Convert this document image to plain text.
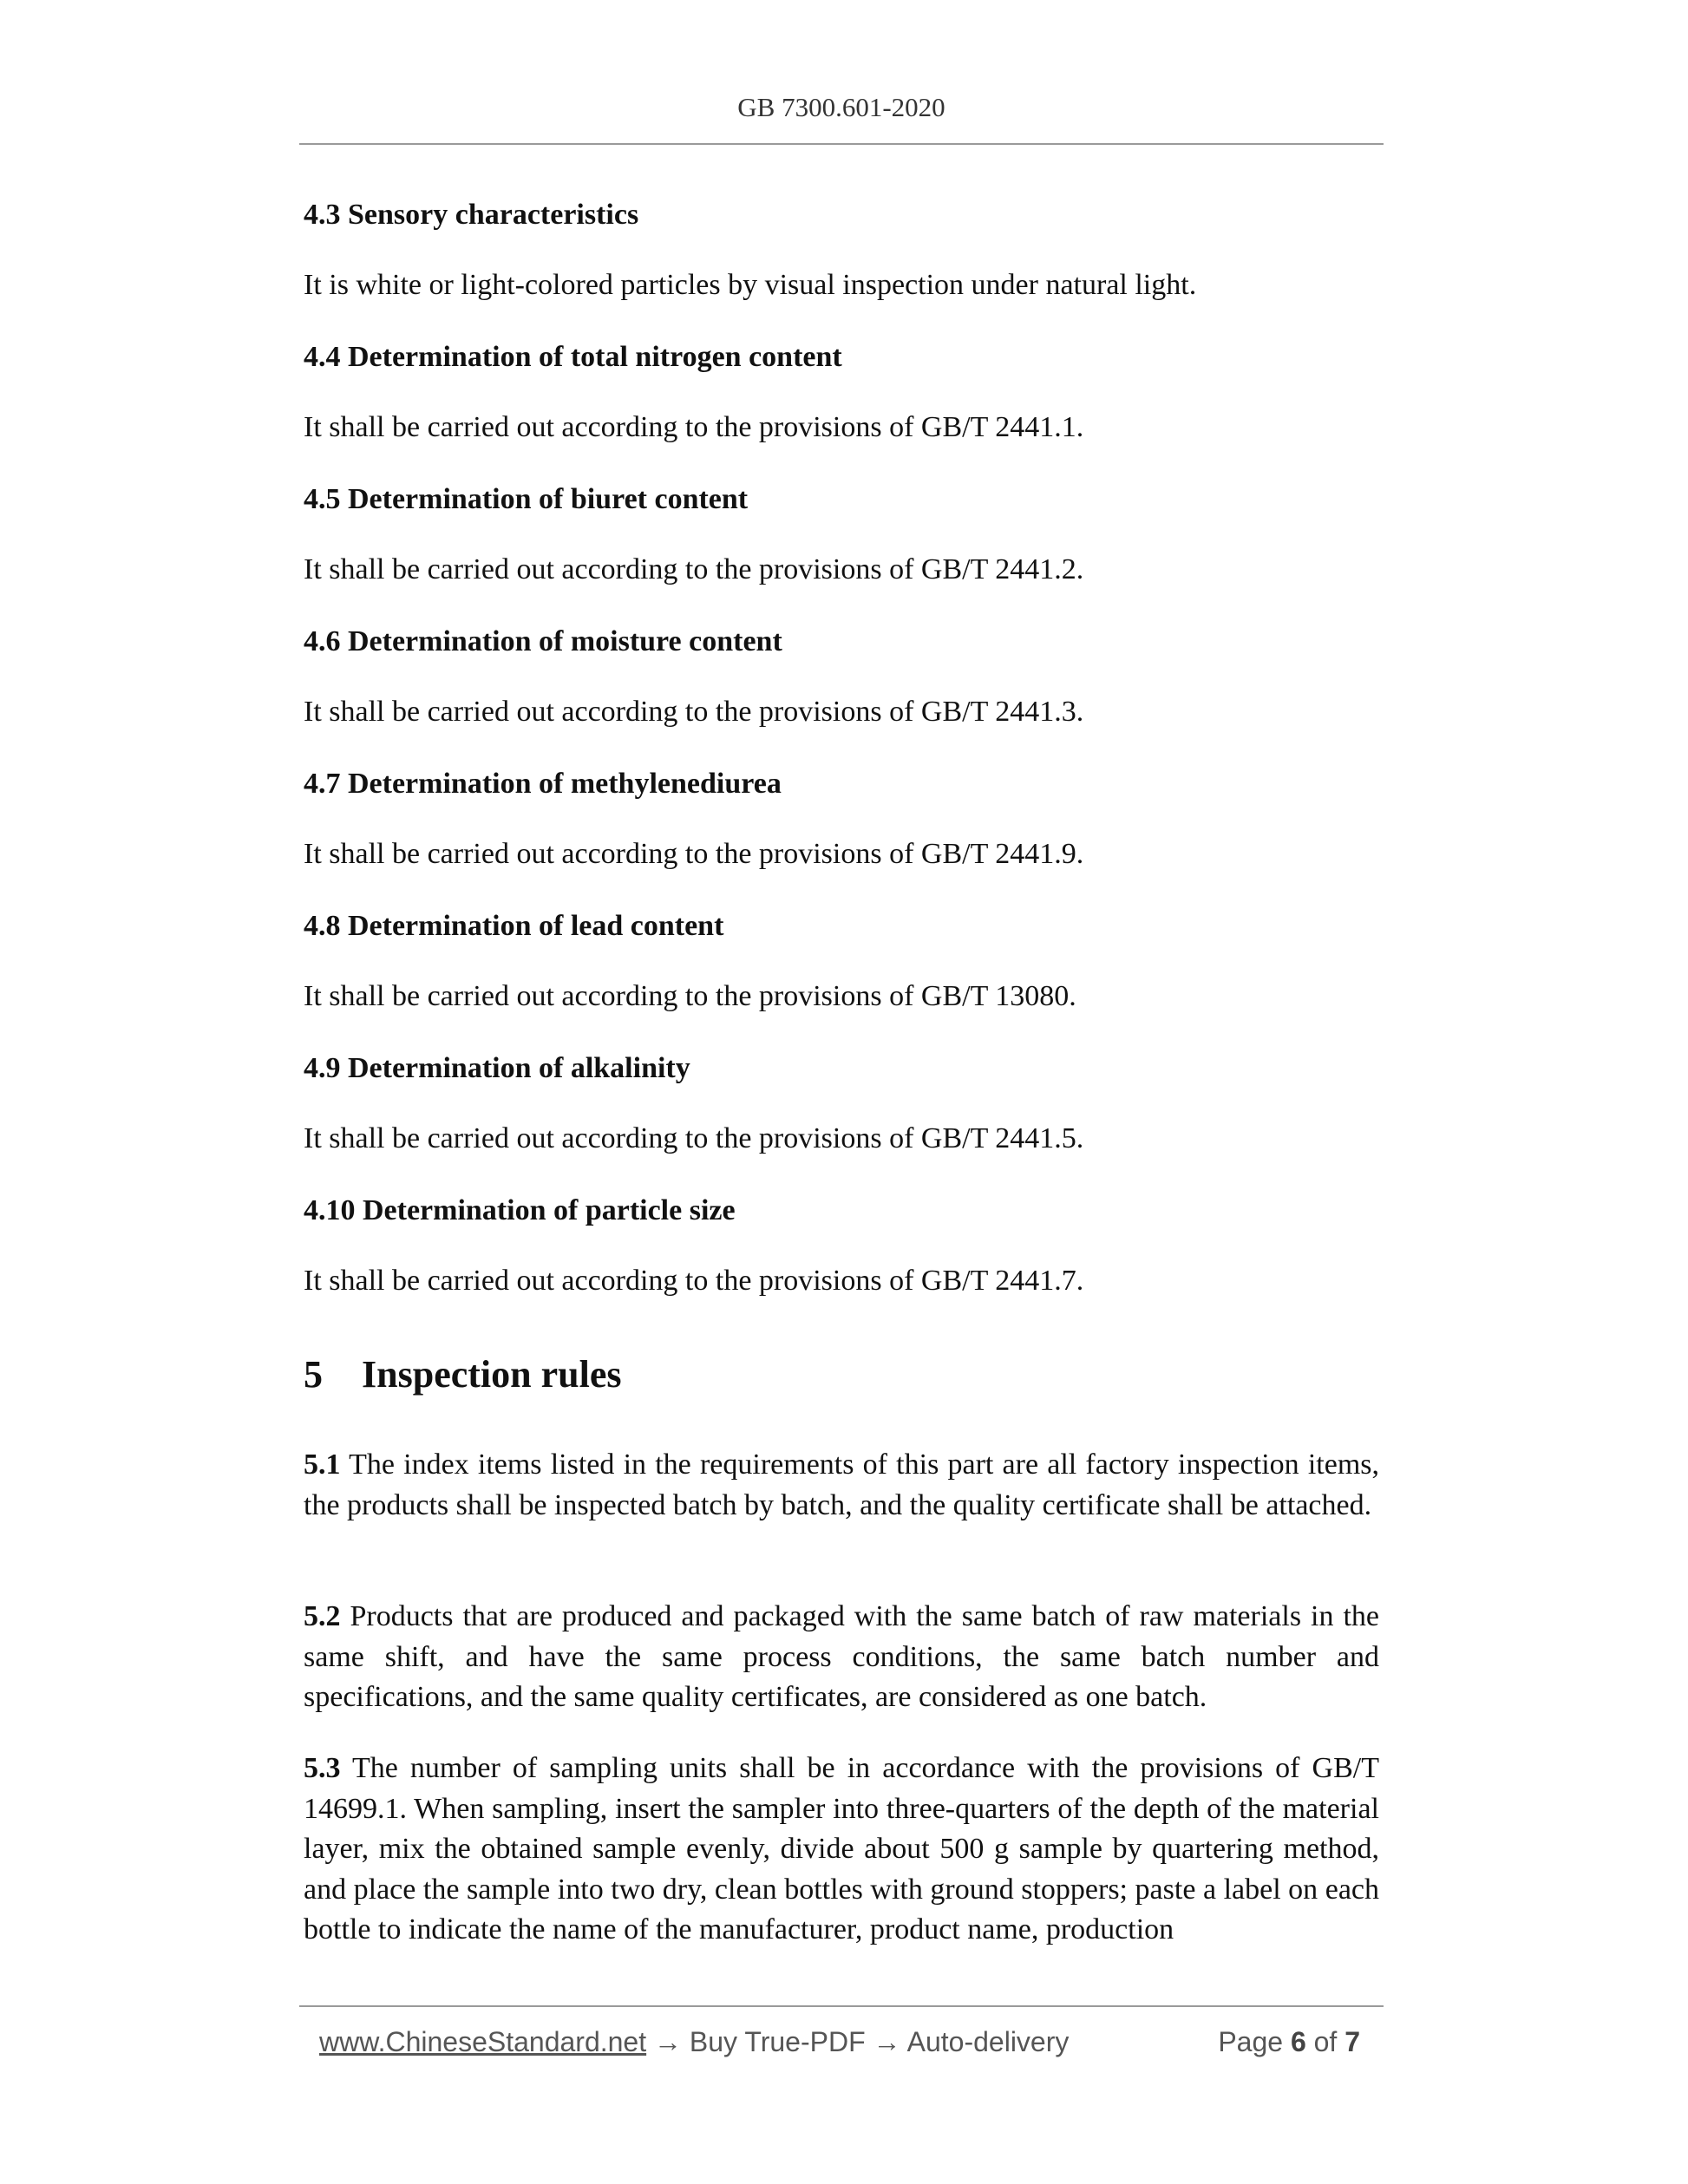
GB 7300.601-2020
4.3 Sensory characteristics
It is white or light-colored particles by visual inspection under natural light.
4.4 Determination of total nitrogen content
It shall be carried out according to the provisions of GB/T 2441.1.
4.5 Determination of biuret content
It shall be carried out according to the provisions of GB/T 2441.2.
4.6 Determination of moisture content
It shall be carried out according to the provisions of GB/T 2441.3.
4.7 Determination of methylenediurea
It shall be carried out according to the provisions of GB/T 2441.9.
4.8 Determination of lead content
It shall be carried out according to the provisions of GB/T 13080.
4.9 Determination of alkalinity
It shall be carried out according to the provisions of GB/T 2441.5.
4.10 Determination of particle size
It shall be carried out according to the provisions of GB/T 2441.7.
5 Inspection rules
5.1 The index items listed in the requirements of this part are all factory inspection items, the products shall be inspected batch by batch, and the quality certificate shall be attached.
5.2 Products that are produced and packaged with the same batch of raw materials in the same shift, and have the same process conditions, the same batch number and specifications, and the same quality certificates, are considered as one batch.
5.3 The number of sampling units shall be in accordance with the provisions of GB/T 14699.1. When sampling, insert the sampler into three-quarters of the depth of the material layer, mix the obtained sample evenly, divide about 500 g sample by quartering method, and place the sample into two dry, clean bottles with ground stoppers; paste a label on each bottle to indicate the name of the manufacturer, product name, production
www.ChineseStandard.net → Buy True-PDF → Auto-delivery	Page 6 of 7
